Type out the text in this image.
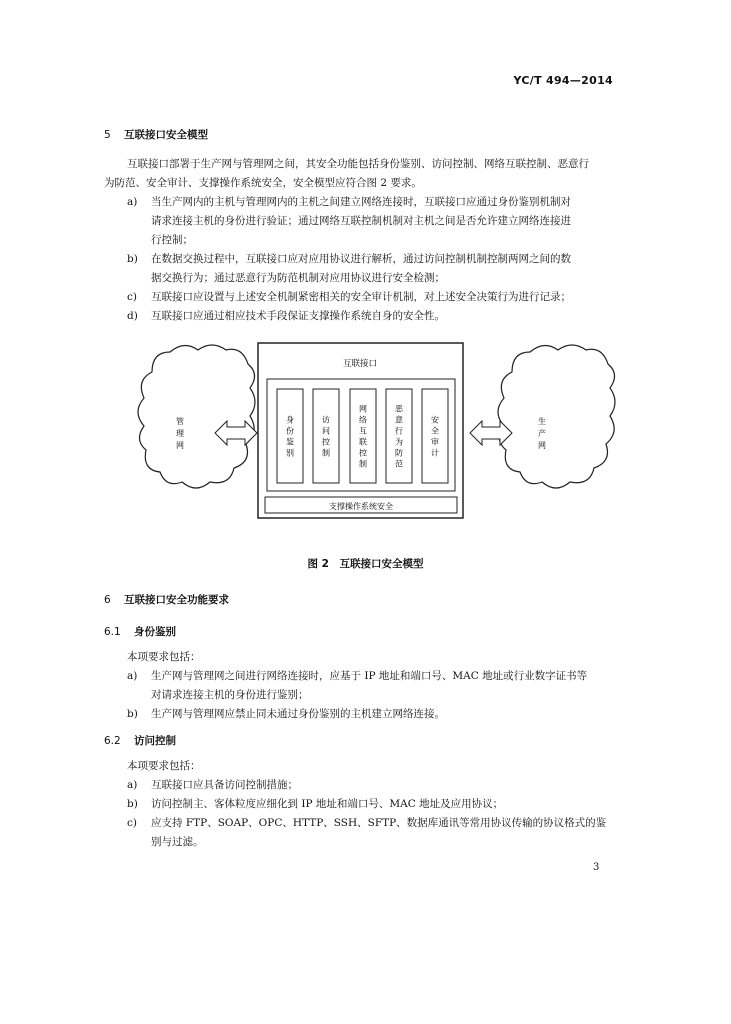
YC/T 494—2014
5 互联接口安全模型
互联接口部署于生产网与管理网之间，其安全功能包括身份鉴别、访问控制、网络互联控制、恶意行
为防范、安全审计、支撑操作系统安全，安全模型应符合图 2 要求。
a)	当生产网内的主机与管理网内的主机之间建立网络连接时，互联接口应通过身份鉴别机制对
请求连接主机的身份进行验证；通过网络互联控制机制对主机之间是否允许建立网络连接进
行控制；
b)	在数据交换过程中，互联接口应对应用协议进行解析，通过访问控制机制控制两网之间的数
据交换行为；通过恶意行为防范机制对应用协议进行安全检测；
c)	互联接口应设置与上述安全机制紧密相关的安全审计机制，对上述安全决策行为进行记录；
d)	互联接口应通过相应技术手段保证支撑操作系统自身的安全性。
管
理
网
生
产
网
互联接口
支撑操作系统安全
身
份
鉴
别
访
问
控
制
网
络
互
联
控
制
恶
意
行
为
防
范
安
全
审
计
图 2　互联接口安全模型
6 互联接口安全功能要求
6.1 身份鉴别
本项要求包括：
a)	生产网与管理网之间进行网络连接时，应基于 IP 地址和端口号、MAC 地址或行业数字证书等
对请求连接主机的身份进行鉴别；
b)	生产网与管理网应禁止同未通过身份鉴别的主机建立网络连接。
6.2 访问控制
本项要求包括：
a)	互联接口应具备访问控制措施；
b)	访问控制主、客体粒度应细化到 IP 地址和端口号、MAC 地址及应用协议；
c)	应支持 FTP、SOAP、OPC、HTTP、SSH、SFTP、数据库通讯等常用协议传输的协议格式的鉴
别与过滤。
3
